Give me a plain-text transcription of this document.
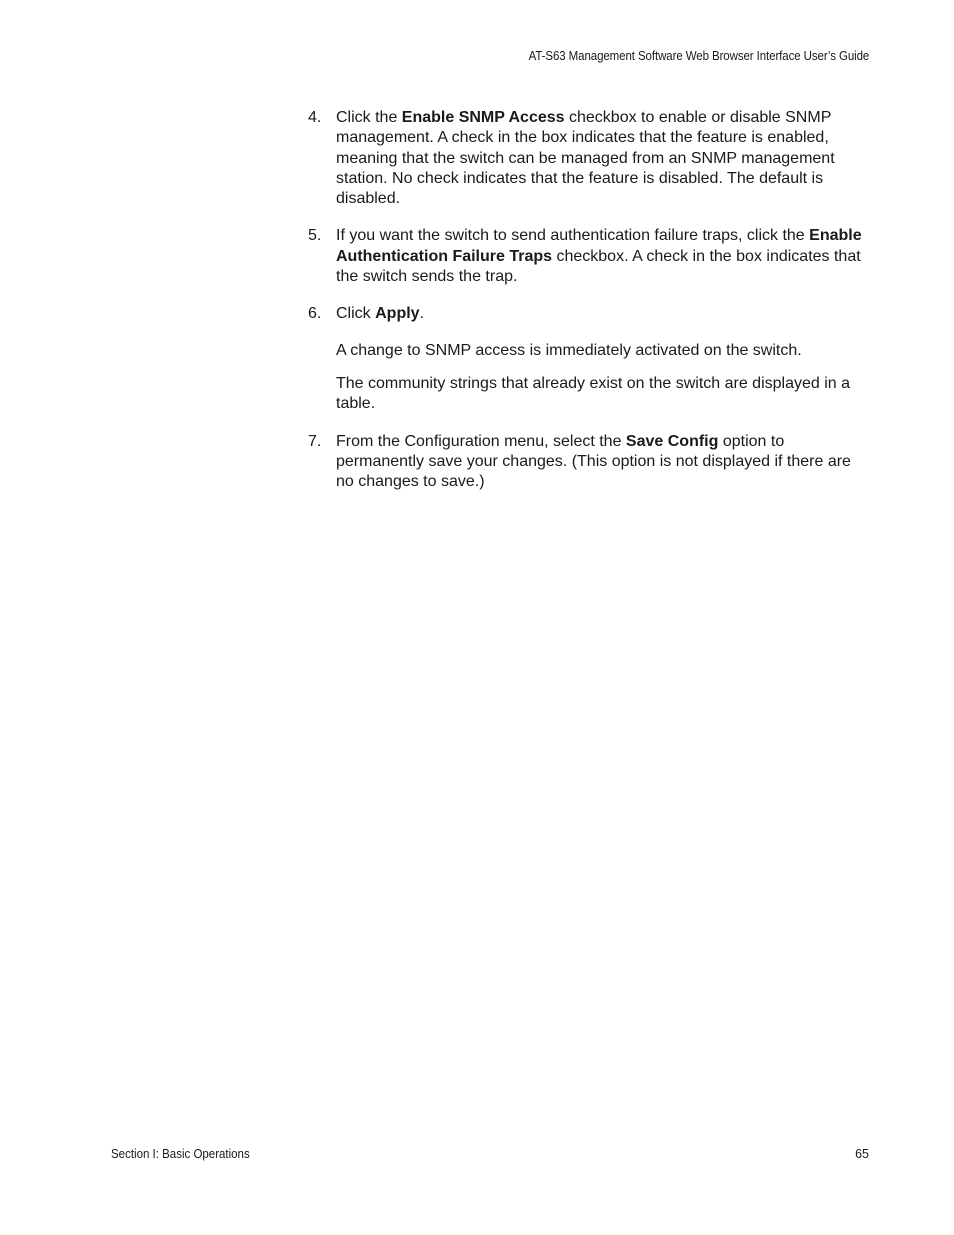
AT-S63 Management Software Web Browser Interface User’s Guide
4. Click the Enable SNMP Access checkbox to enable or disable SNMP management. A check in the box indicates that the feature is enabled, meaning that the switch can be managed from an SNMP management station. No check indicates that the feature is disabled. The default is disabled.
5. If you want the switch to send authentication failure traps, click the Enable Authentication Failure Traps checkbox. A check in the box indicates that the switch sends the trap.
6. Click Apply.
A change to SNMP access is immediately activated on the switch.
The community strings that already exist on the switch are displayed in a table.
7. From the Configuration menu, select the Save Config option to permanently save your changes. (This option is not displayed if there are no changes to save.)
Section I: Basic Operations	65
